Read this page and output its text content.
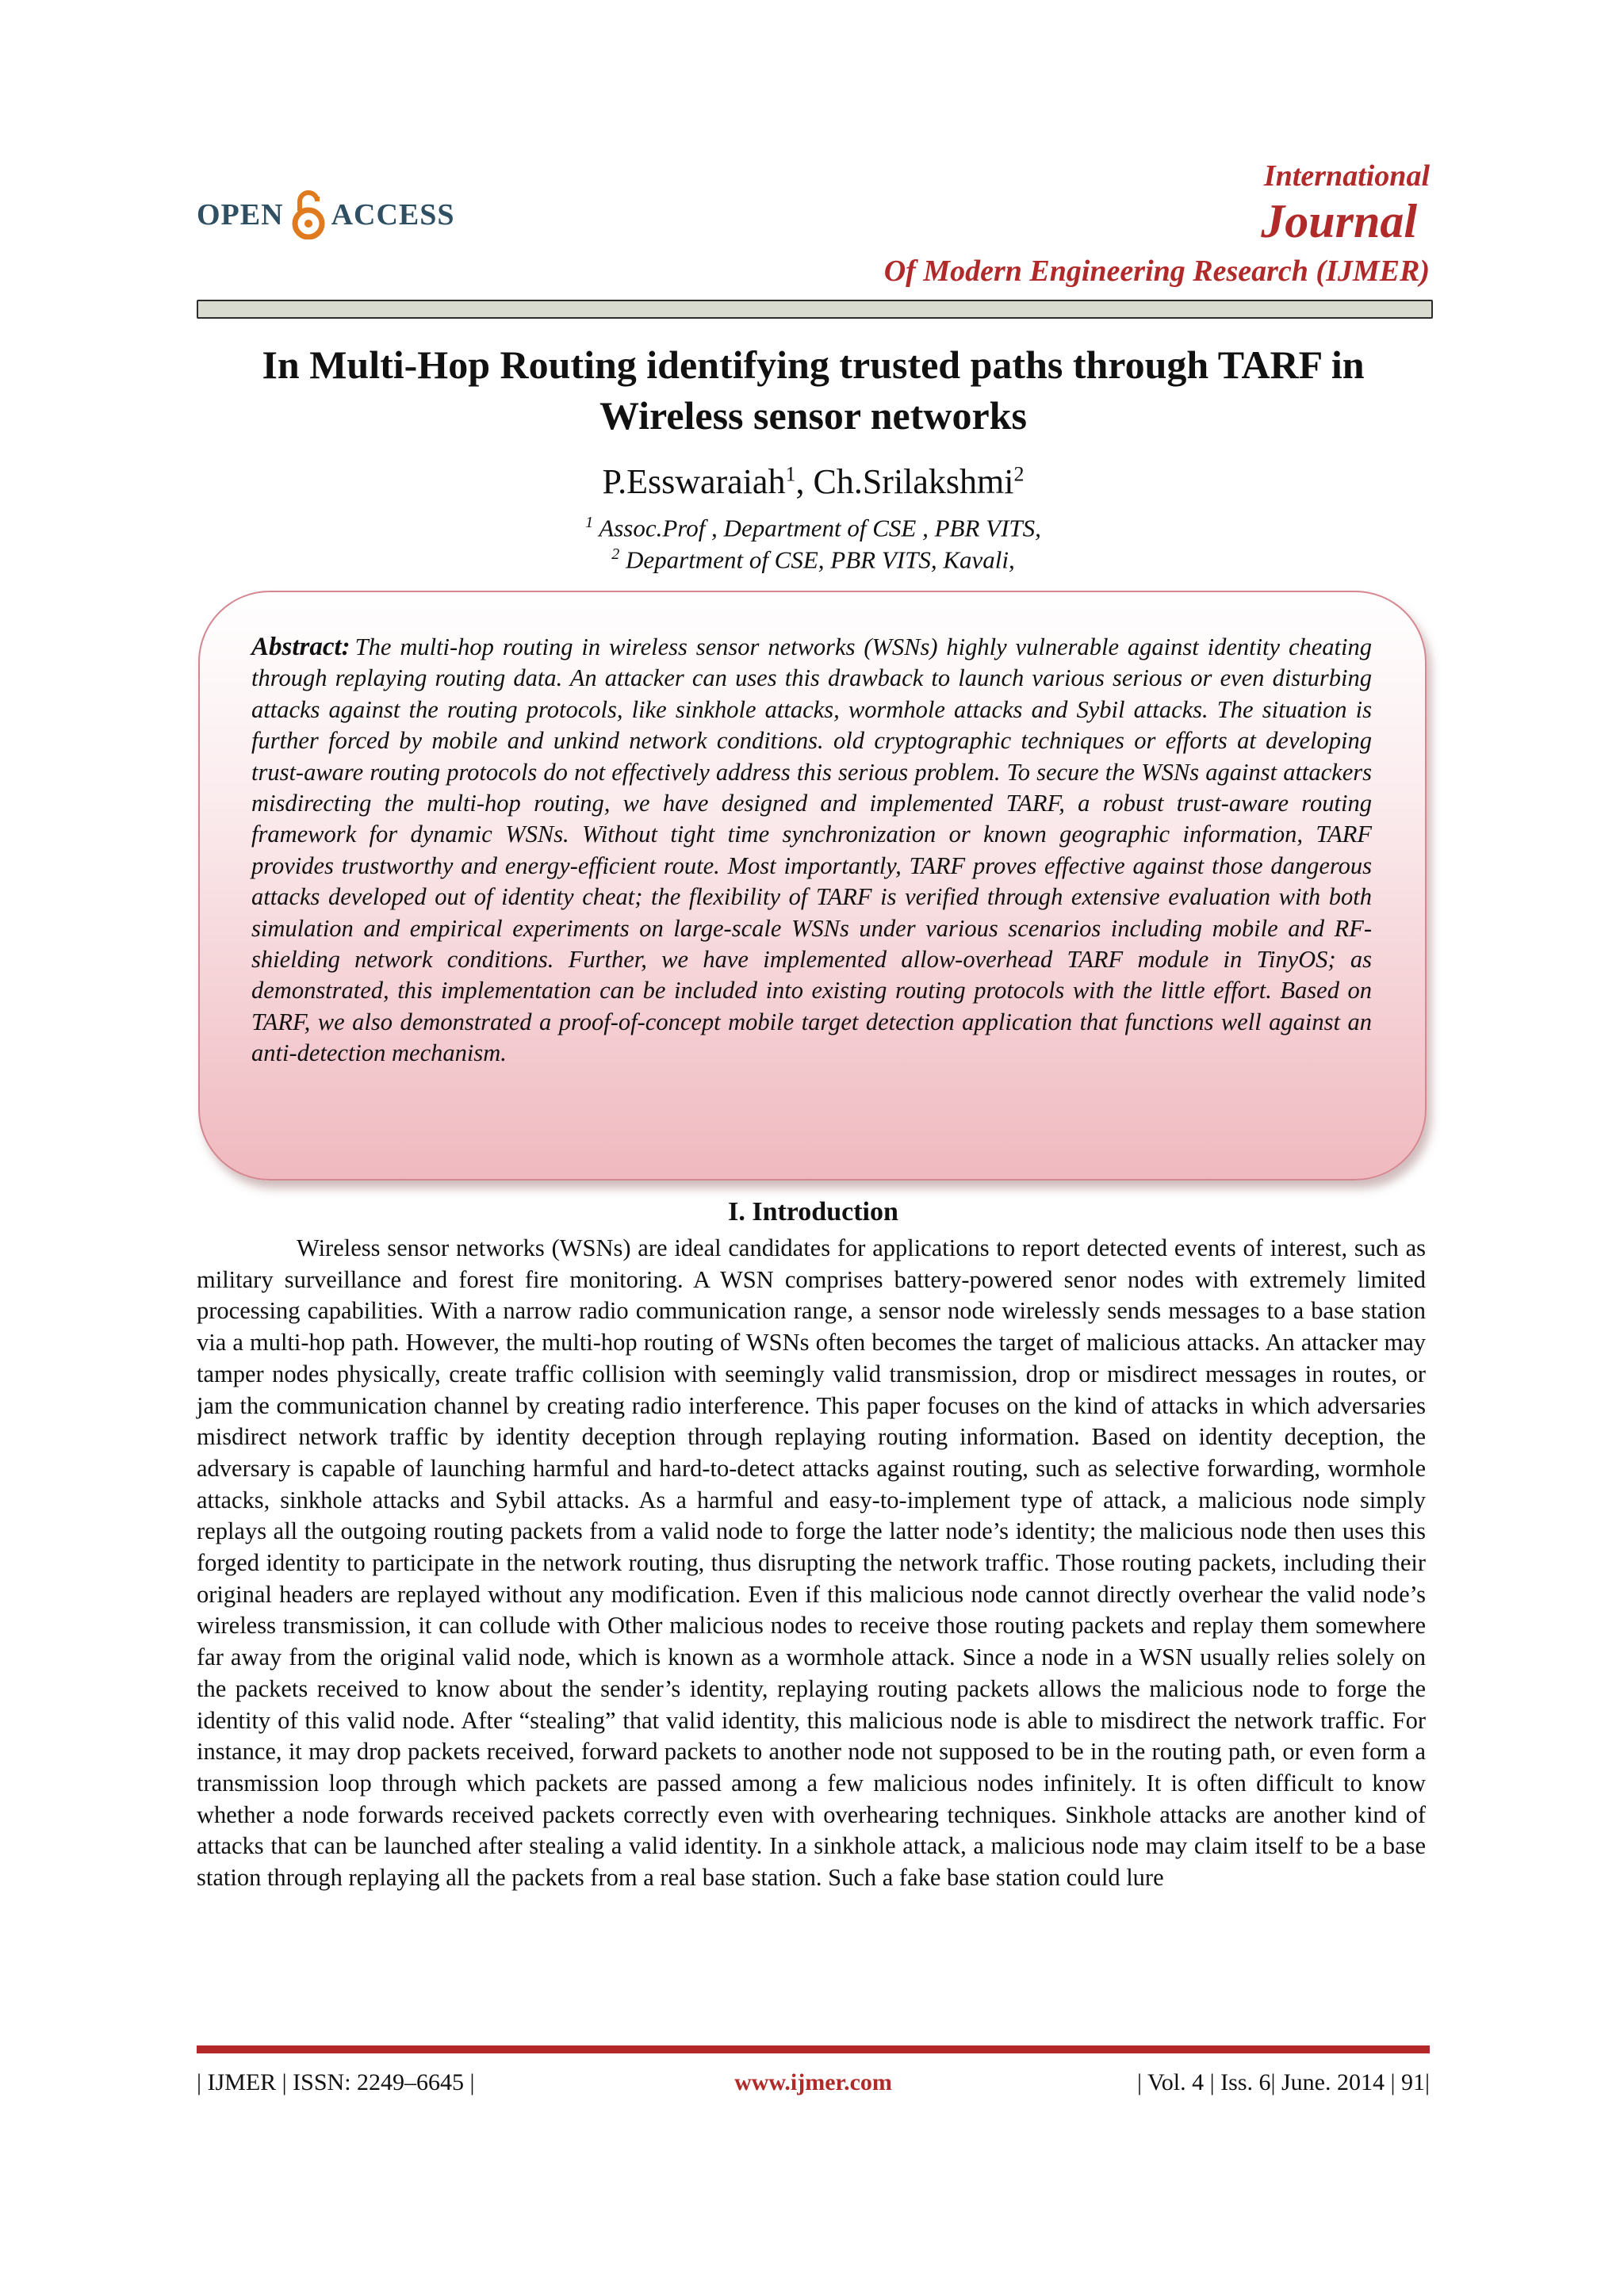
OPEN ACCESS
International
Journal
Of Modern Engineering Research (IJMER)
In Multi-Hop Routing identifying trusted paths through TARF in
Wireless sensor networks
P.Esswaraiah$^1$, Ch.Srilakshmi$^2$
$^1$ Assoc.Prof , Department of CSE , PBR VITS,
$^2$ Department of CSE, PBR VITS, Kavali,
Abstract: The multi-hop routing in wireless sensor networks (WSNs) highly vulnerable against identity cheating through replaying routing data. An attacker can uses this drawback to launch various serious or even disturbing attacks against the routing protocols, like sinkhole attacks, wormhole attacks and Sybil attacks. The situation is further forced by mobile and unkind network conditions. old cryptographic techniques or efforts at developing trust-aware routing protocols do not effectively address this serious problem. To secure the WSNs against attackers misdirecting the multi-hop routing, we have designed and implemented TARF, a robust trust-aware routing framework for dynamic WSNs. Without tight time synchronization or known geographic information, TARF provides trustworthy and energy-efficient route. Most importantly, TARF proves effective against those dangerous attacks developed out of identity cheat; the flexibility of TARF is verified through extensive evaluation with both simulation and empirical experiments on large-scale WSNs under various scenarios including mobile and RF-shielding network conditions. Further, we have implemented allow-overhead TARF module in TinyOS; as demonstrated, this implementation can be included into existing routing protocols with the little effort. Based on TARF, we also demonstrated a proof-of-concept mobile target detection application that functions well against an anti-detection mechanism.
I. Introduction
Wireless sensor networks (WSNs) are ideal candidates for applications to report detected events of interest, such as military surveillance and forest fire monitoring. A WSN comprises battery-powered senor nodes with extremely limited processing capabilities. With a narrow radio communication range, a sensor node wirelessly sends messages to a base station via a multi-hop path. However, the multi-hop routing of WSNs often becomes the target of malicious attacks. An attacker may tamper nodes physically, create traffic collision with seemingly valid transmission, drop or misdirect messages in routes, or jam the communication channel by creating radio interference. This paper focuses on the kind of attacks in which adversaries misdirect network traffic by identity deception through replaying routing information. Based on identity deception, the adversary is capable of launching harmful and hard-to-detect attacks against routing, such as selective forwarding, wormhole attacks, sinkhole attacks and Sybil attacks. As a harmful and easy-to-implement type of attack, a malicious node simply replays all the outgoing routing packets from a valid node to forge the latter node’s identity; the malicious node then uses this forged identity to participate in the network routing, thus disrupting the network traffic. Those routing packets, including their original headers are replayed without any modification. Even if this malicious node cannot directly overhear the valid node’s wireless transmission, it can collude with Other malicious nodes to receive those routing packets and replay them somewhere far away from the original valid node, which is known as a wormhole attack. Since a node in a WSN usually relies solely on the packets received to know about the sender’s identity, replaying routing packets allows the malicious node to forge the identity of this valid node. After “stealing” that valid identity, this malicious node is able to misdirect the network traffic. For instance, it may drop packets received, forward packets to another node not supposed to be in the routing path, or even form a transmission loop through which packets are passed among a few malicious nodes infinitely. It is often difficult to know whether a node forwards received packets correctly even with overhearing techniques. Sinkhole attacks are another kind of attacks that can be launched after stealing a valid identity. In a sinkhole attack, a malicious node may claim itself to be a base station through replaying all the packets from a real base station. Such a fake base station could lure
| IJMER | ISSN: 2249–6645 |	www.ijmer.com	| Vol. 4 | Iss. 6| June. 2014 | 91|
